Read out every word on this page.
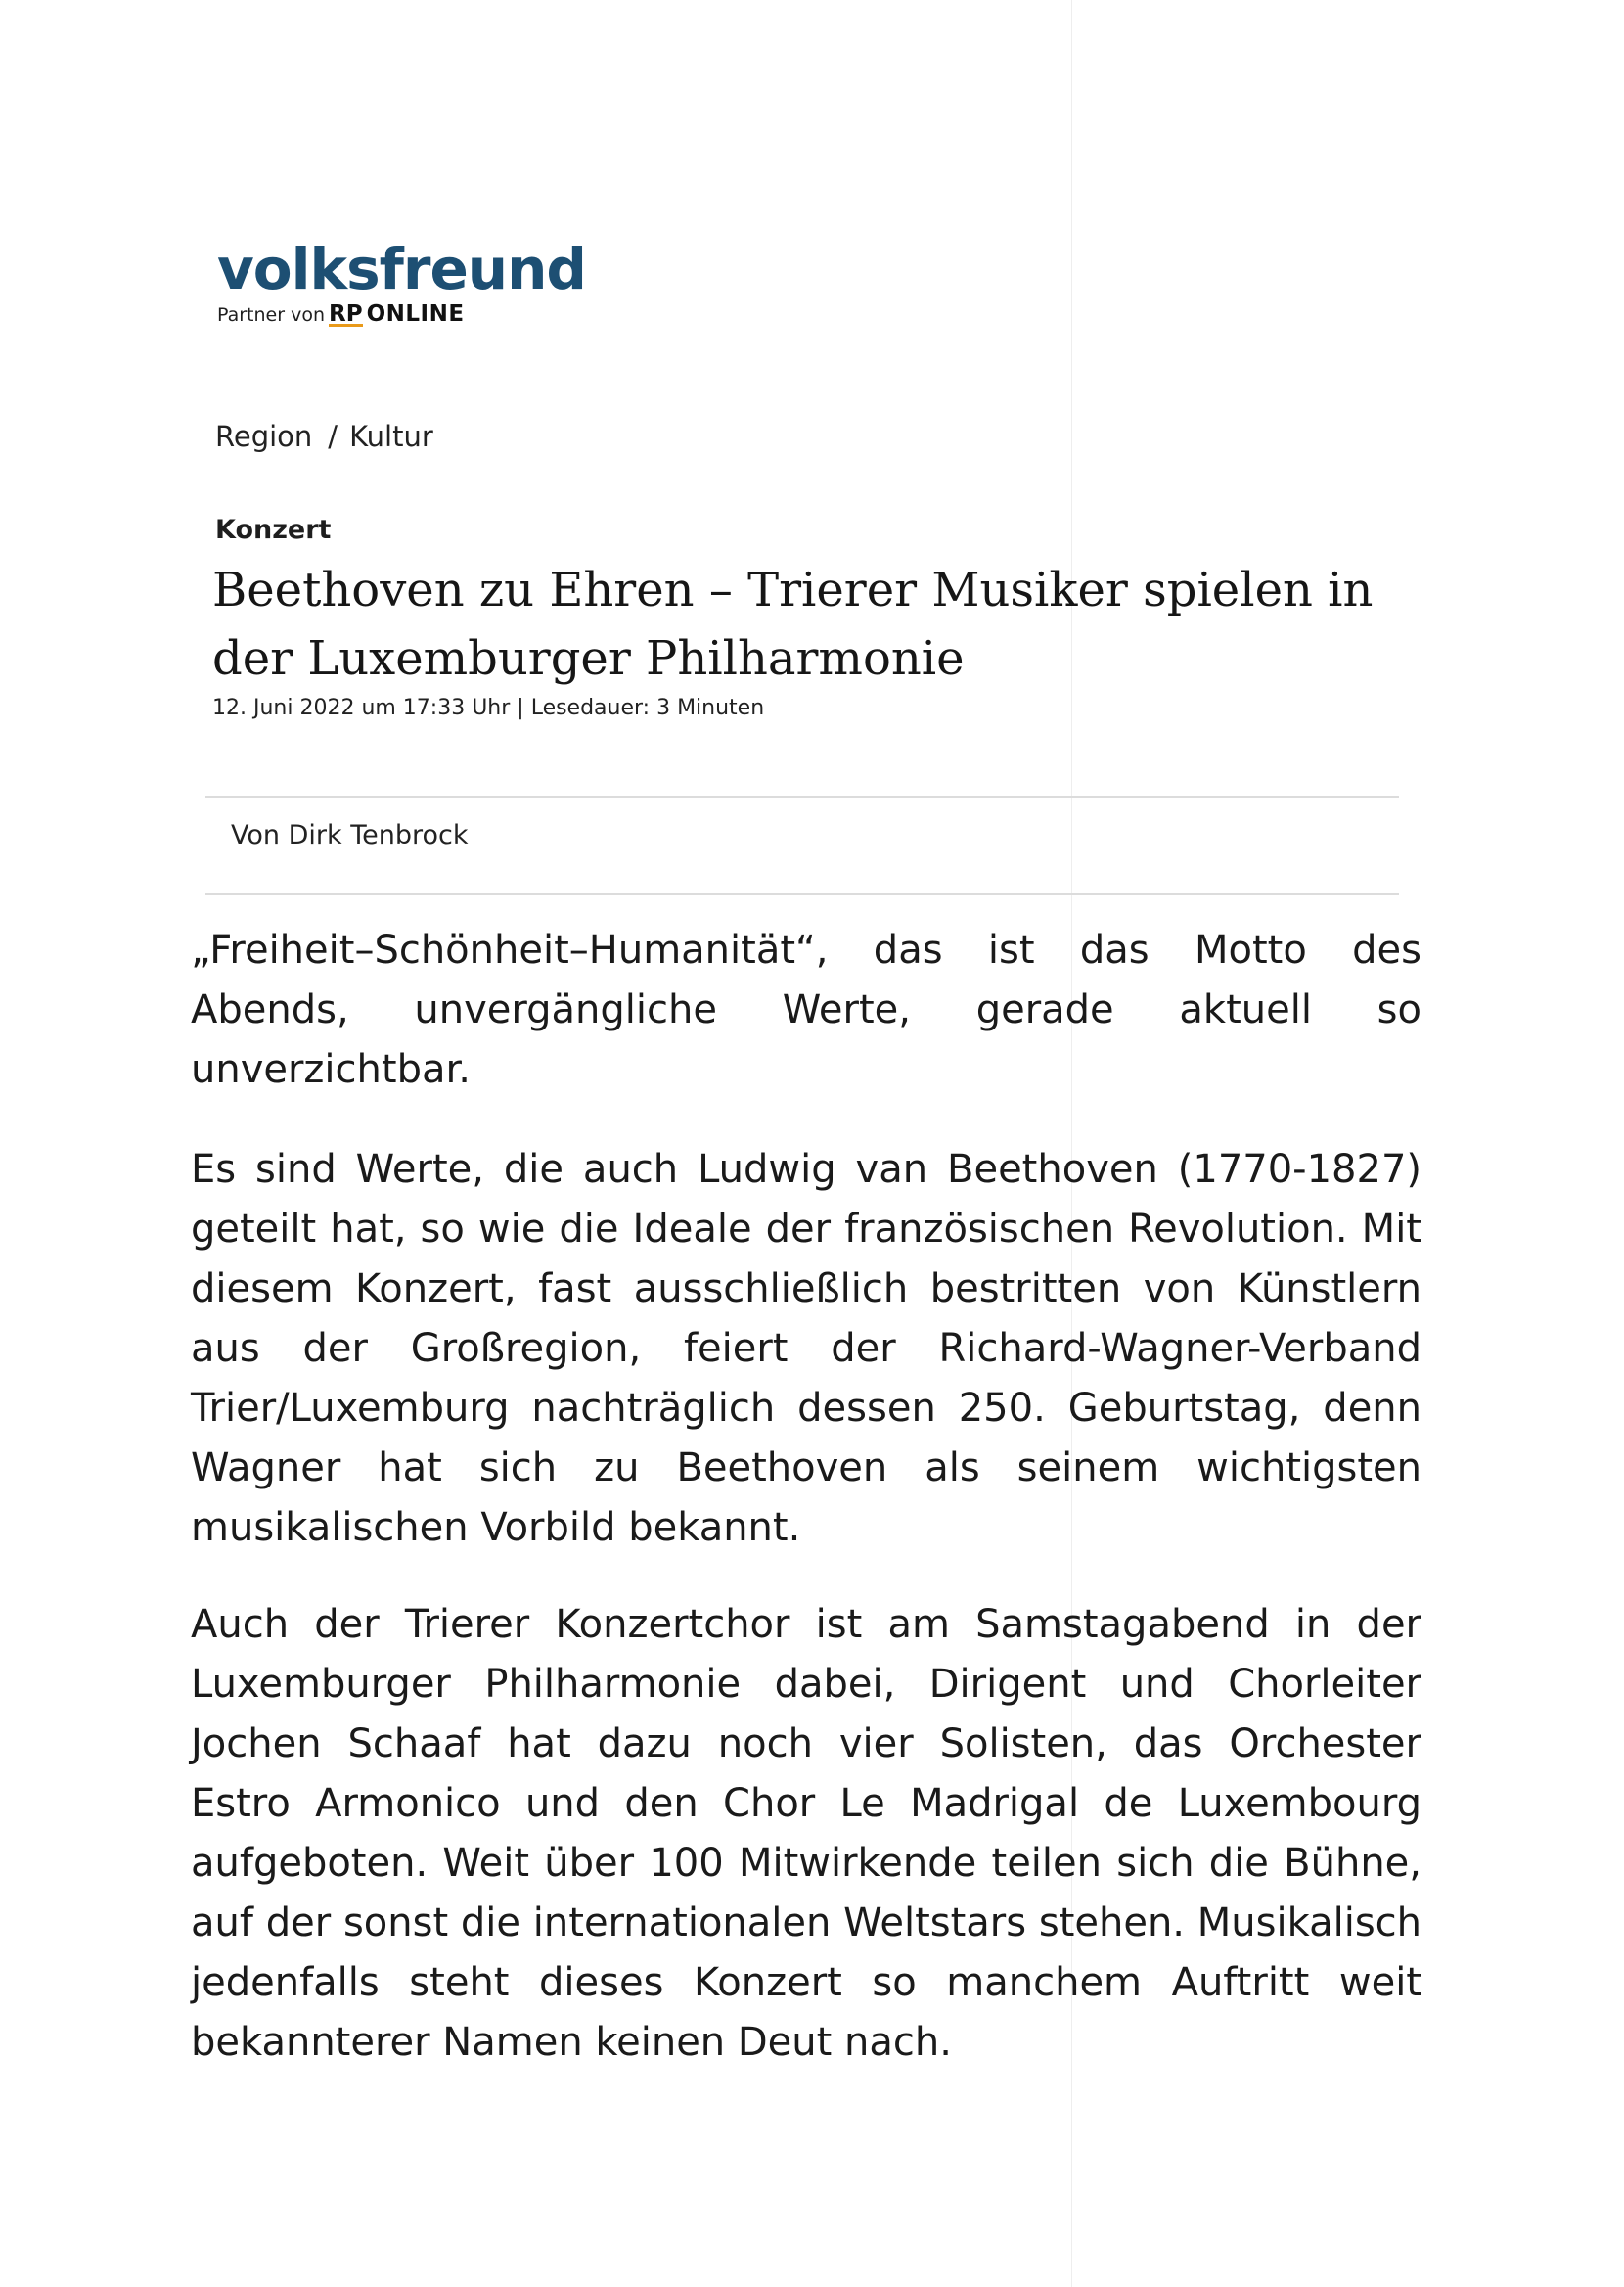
volksfreund
Partner von RP ONLINE
Region / Kultur
Konzert
Beethoven zu Ehren – Trierer Musiker spielen in der Luxemburger Philharmonie
12. Juni 2022 um 17:33 Uhr | Lesedauer: 3 Minuten
Von Dirk Tenbrock

„Freiheit–Schönheit–Humanität“, das ist das Motto des Abends, unvergängliche Werte, gerade aktuell so unverzichtbar.

Es sind Werte, die auch Ludwig van Beethoven (1770-1827) geteilt hat, so wie die Ideale der französischen Revolution. Mit diesem Konzert, fast ausschließlich bestritten von Künstlern aus der Großregion, feiert der Richard-Wagner-Verband Trier/Luxemburg nachträglich dessen 250. Geburtstag, denn Wagner hat sich zu Beethoven als seinem wichtigsten musikalischen Vorbild bekannt.

Auch der Trierer Konzertchor ist am Samstagabend in der Luxemburger Philharmonie dabei, Dirigent und Chorleiter Jochen Schaaf hat dazu noch vier Solisten, das Orchester Estro Armonico und den Chor Le Madrigal de Luxembourg aufgeboten. Weit über 100 Mitwirkende teilen sich die Bühne, auf der sonst die internationalen Weltstars stehen. Musikalisch jedenfalls steht dieses Konzert so manchem Auftritt weit bekannterer Namen keinen Deut nach.
